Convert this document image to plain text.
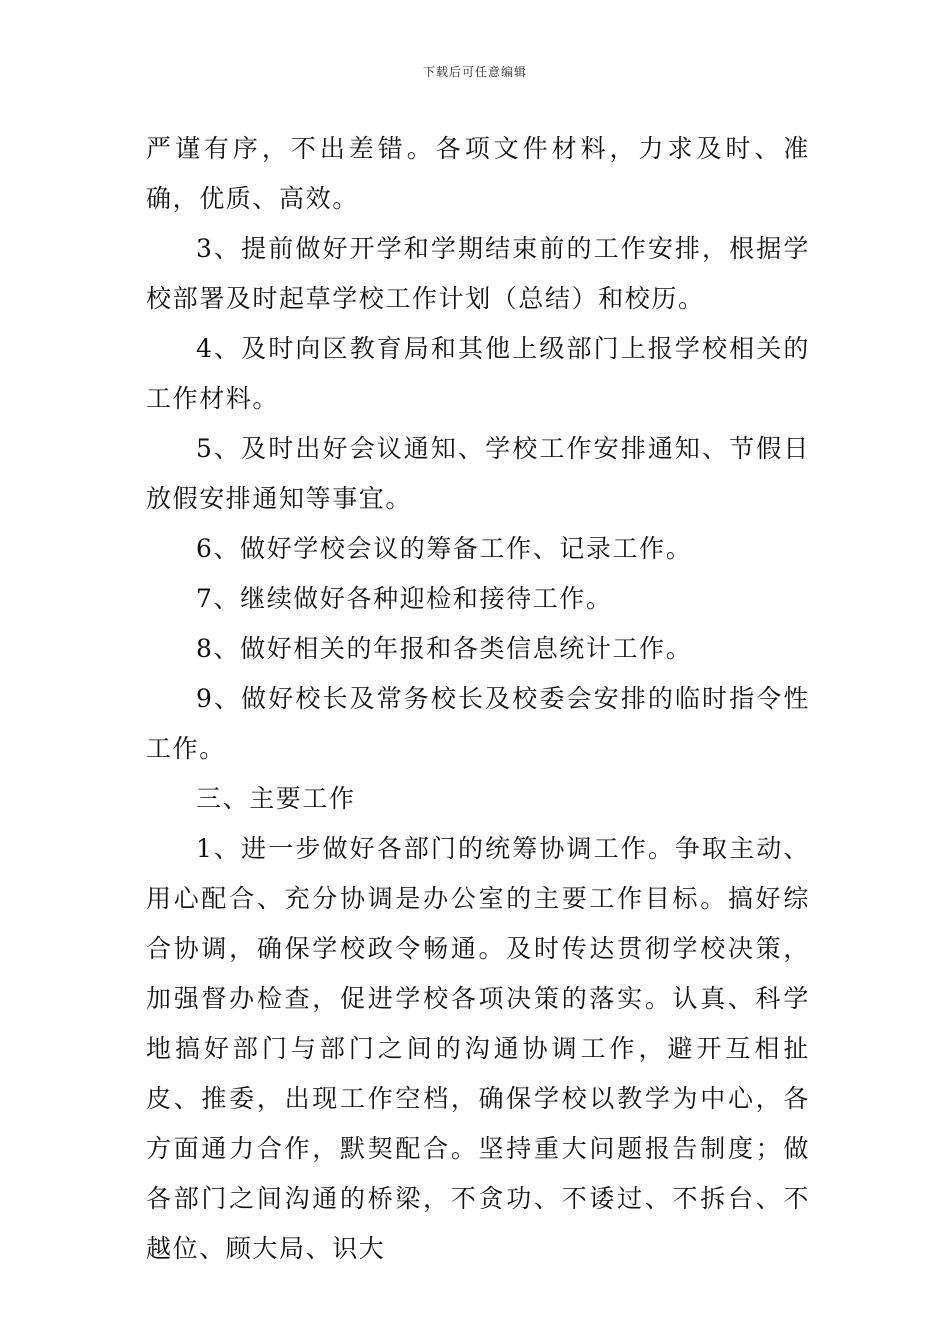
下载后可任意编辑

严谨有序，不出差错。各项文件材料，力求及时、准确，优质、高效。

3、提前做好开学和学期结束前的工作安排，根据学校部署及时起草学校工作计划（总结）和校历。

4、及时向区教育局和其他上级部门上报学校相关的工作材料。

5、及时出好会议通知、学校工作安排通知、节假日放假安排通知等事宜。

6、做好学校会议的筹备工作、记录工作。

7、继续做好各种迎检和接待工作。

8、做好相关的年报和各类信息统计工作。

9、做好校长及常务校长及校委会安排的临时指令性工作。

三、主要工作

1、进一步做好各部门的统筹协调工作。争取主动、用心配合、充分协调是办公室的主要工作目标。搞好综合协调，确保学校政令畅通。及时传达贯彻学校决策，加强督办检查，促进学校各项决策的落实。认真、科学地搞好部门与部门之间的沟通协调工作，避开互相扯皮、推委，出现工作空档，确保学校以教学为中心，各方面通力合作，默契配合。坚持重大问题报告制度；做各部门之间沟通的桥梁，不贪功、不诿过、不拆台、不越位、顾大局、识大
